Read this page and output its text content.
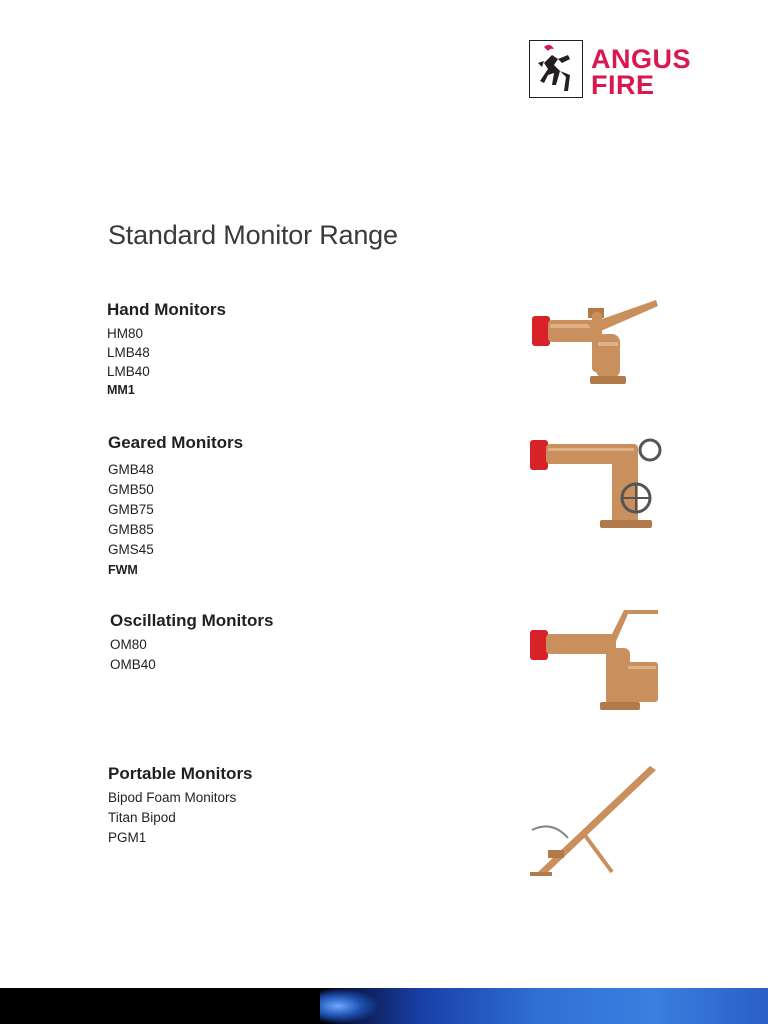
ANGUS
FIRE
Standard Monitor Range
Hand Monitors
HM80
LMB48
LMB40
MM1
Geared Monitors
GMB48
GMB50
GMB75
GMB85
GMS45
FWM
Oscillating Monitors
OM80
OMB40
Portable Monitors
Bipod Foam Monitors
Titan Bipod
PGM1
